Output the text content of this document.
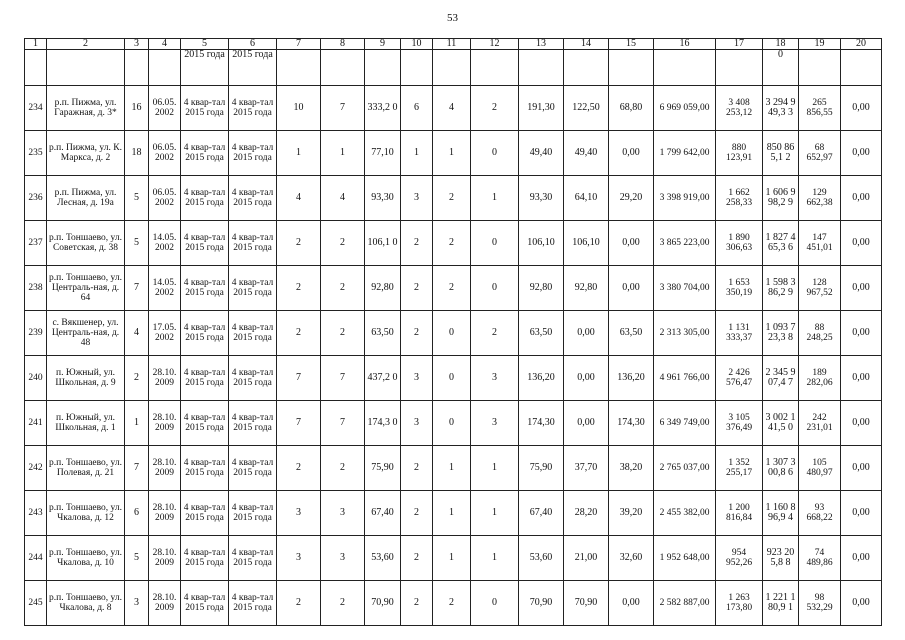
53
1	2	3	4	5	6	7	8	9	10	11	12	13	14	15	16	17	18	19	20
				2015 года	2015 года												0		
234	р.п. Пижма, ул. Гаражная, д. 3*	16	06.05. 2002	4 квар-тал 2015 года	4 квар-тал 2015 года	10	7	333,2 0	6	4	2	191,30	122,50	68,80	6 969 059,00	3 408 253,12	3 294 949,3 3	265 856,55	0,00
235	р.п. Пижма, ул. К. Маркса, д. 2	18	06.05. 2002	4 квар-тал 2015 года	4 квар-тал 2015 года	1	1	77,10	1	1	0	49,40	49,40	0,00	1 799 642,00	880 123,91	850 865,1 2	68 652,97	0,00
236	р.п. Пижма, ул. Лесная, д. 19а	5	06.05. 2002	4 квар-тал 2015 года	4 квар-тал 2015 года	4	4	93,30	3	2	1	93,30	64,10	29,20	3 398 919,00	1 662 258,33	1 606 998,2 9	129 662,38	0,00
237	р.п. Тоншаево, ул. Советская, д. 38	5	14.05. 2002	4 квар-тал 2015 года	4 квар-тал 2015 года	2	2	106,1 0	2	2	0	106,10	106,10	0,00	3 865 223,00	1 890 306,63	1 827 465,3 6	147 451,01	0,00
238	р.п. Тоншаево, ул. Централь-ная, д. 64	7	14.05. 2002	4 квар-тал 2015 года	4 квар-тал 2015 года	2	2	92,80	2	2	0	92,80	92,80	0,00	3 380 704,00	1 653 350,19	1 598 386,2 9	128 967,52	0,00
239	с. Вякшенер, ул. Централь-ная, д. 48	4	17.05. 2002	4 квар-тал 2015 года	4 квар-тал 2015 года	2	2	63,50	2	0	2	63,50	0,00	63,50	2 313 305,00	1 131 333,37	1 093 723,3 8	88 248,25	0,00
240	п. Южный, ул. Школьная, д. 9	2	28.10. 2009	4 квар-тал 2015 года	4 квар-тал 2015 года	7	7	437,2 0	3	0	3	136,20	0,00	136,20	4 961 766,00	2 426 576,47	2 345 907,4 7	189 282,06	0,00
241	п. Южный, ул. Школьная, д. 1	1	28.10. 2009	4 квар-тал 2015 года	4 квар-тал 2015 года	7	7	174,3 0	3	0	3	174,30	0,00	174,30	6 349 749,00	3 105 376,49	3 002 141,5 0	242 231,01	0,00
242	р.п. Тоншаево, ул. Полевая, д. 21	7	28.10. 2009	4 квар-тал 2015 года	4 квар-тал 2015 года	2	2	75,90	2	1	1	75,90	37,70	38,20	2 765 037,00	1 352 255,17	1 307 300,8 6	105 480,97	0,00
243	р.п. Тоншаево, ул. Чкалова, д. 12	6	28.10. 2009	4 квар-тал 2015 года	4 квар-тал 2015 года	3	3	67,40	2	1	1	67,40	28,20	39,20	2 455 382,00	1 200 816,84	1 160 896,9 4	93 668,22	0,00
244	р.п. Тоншаево, ул. Чкалова, д. 10	5	28.10. 2009	4 квар-тал 2015 года	4 квар-тал 2015 года	3	3	53,60	2	1	1	53,60	21,00	32,60	1 952 648,00	954 952,26	923 205,8 8	74 489,86	0,00
245	р.п. Тоншаево, ул. Чкалова, д. 8	3	28.10. 2009	4 квар-тал 2015 года	4 квар-тал 2015 года	2	2	70,90	2	2	0	70,90	70,90	0,00	2 582 887,00	1 263 173,80	1 221 180,9 1	98 532,29	0,00
